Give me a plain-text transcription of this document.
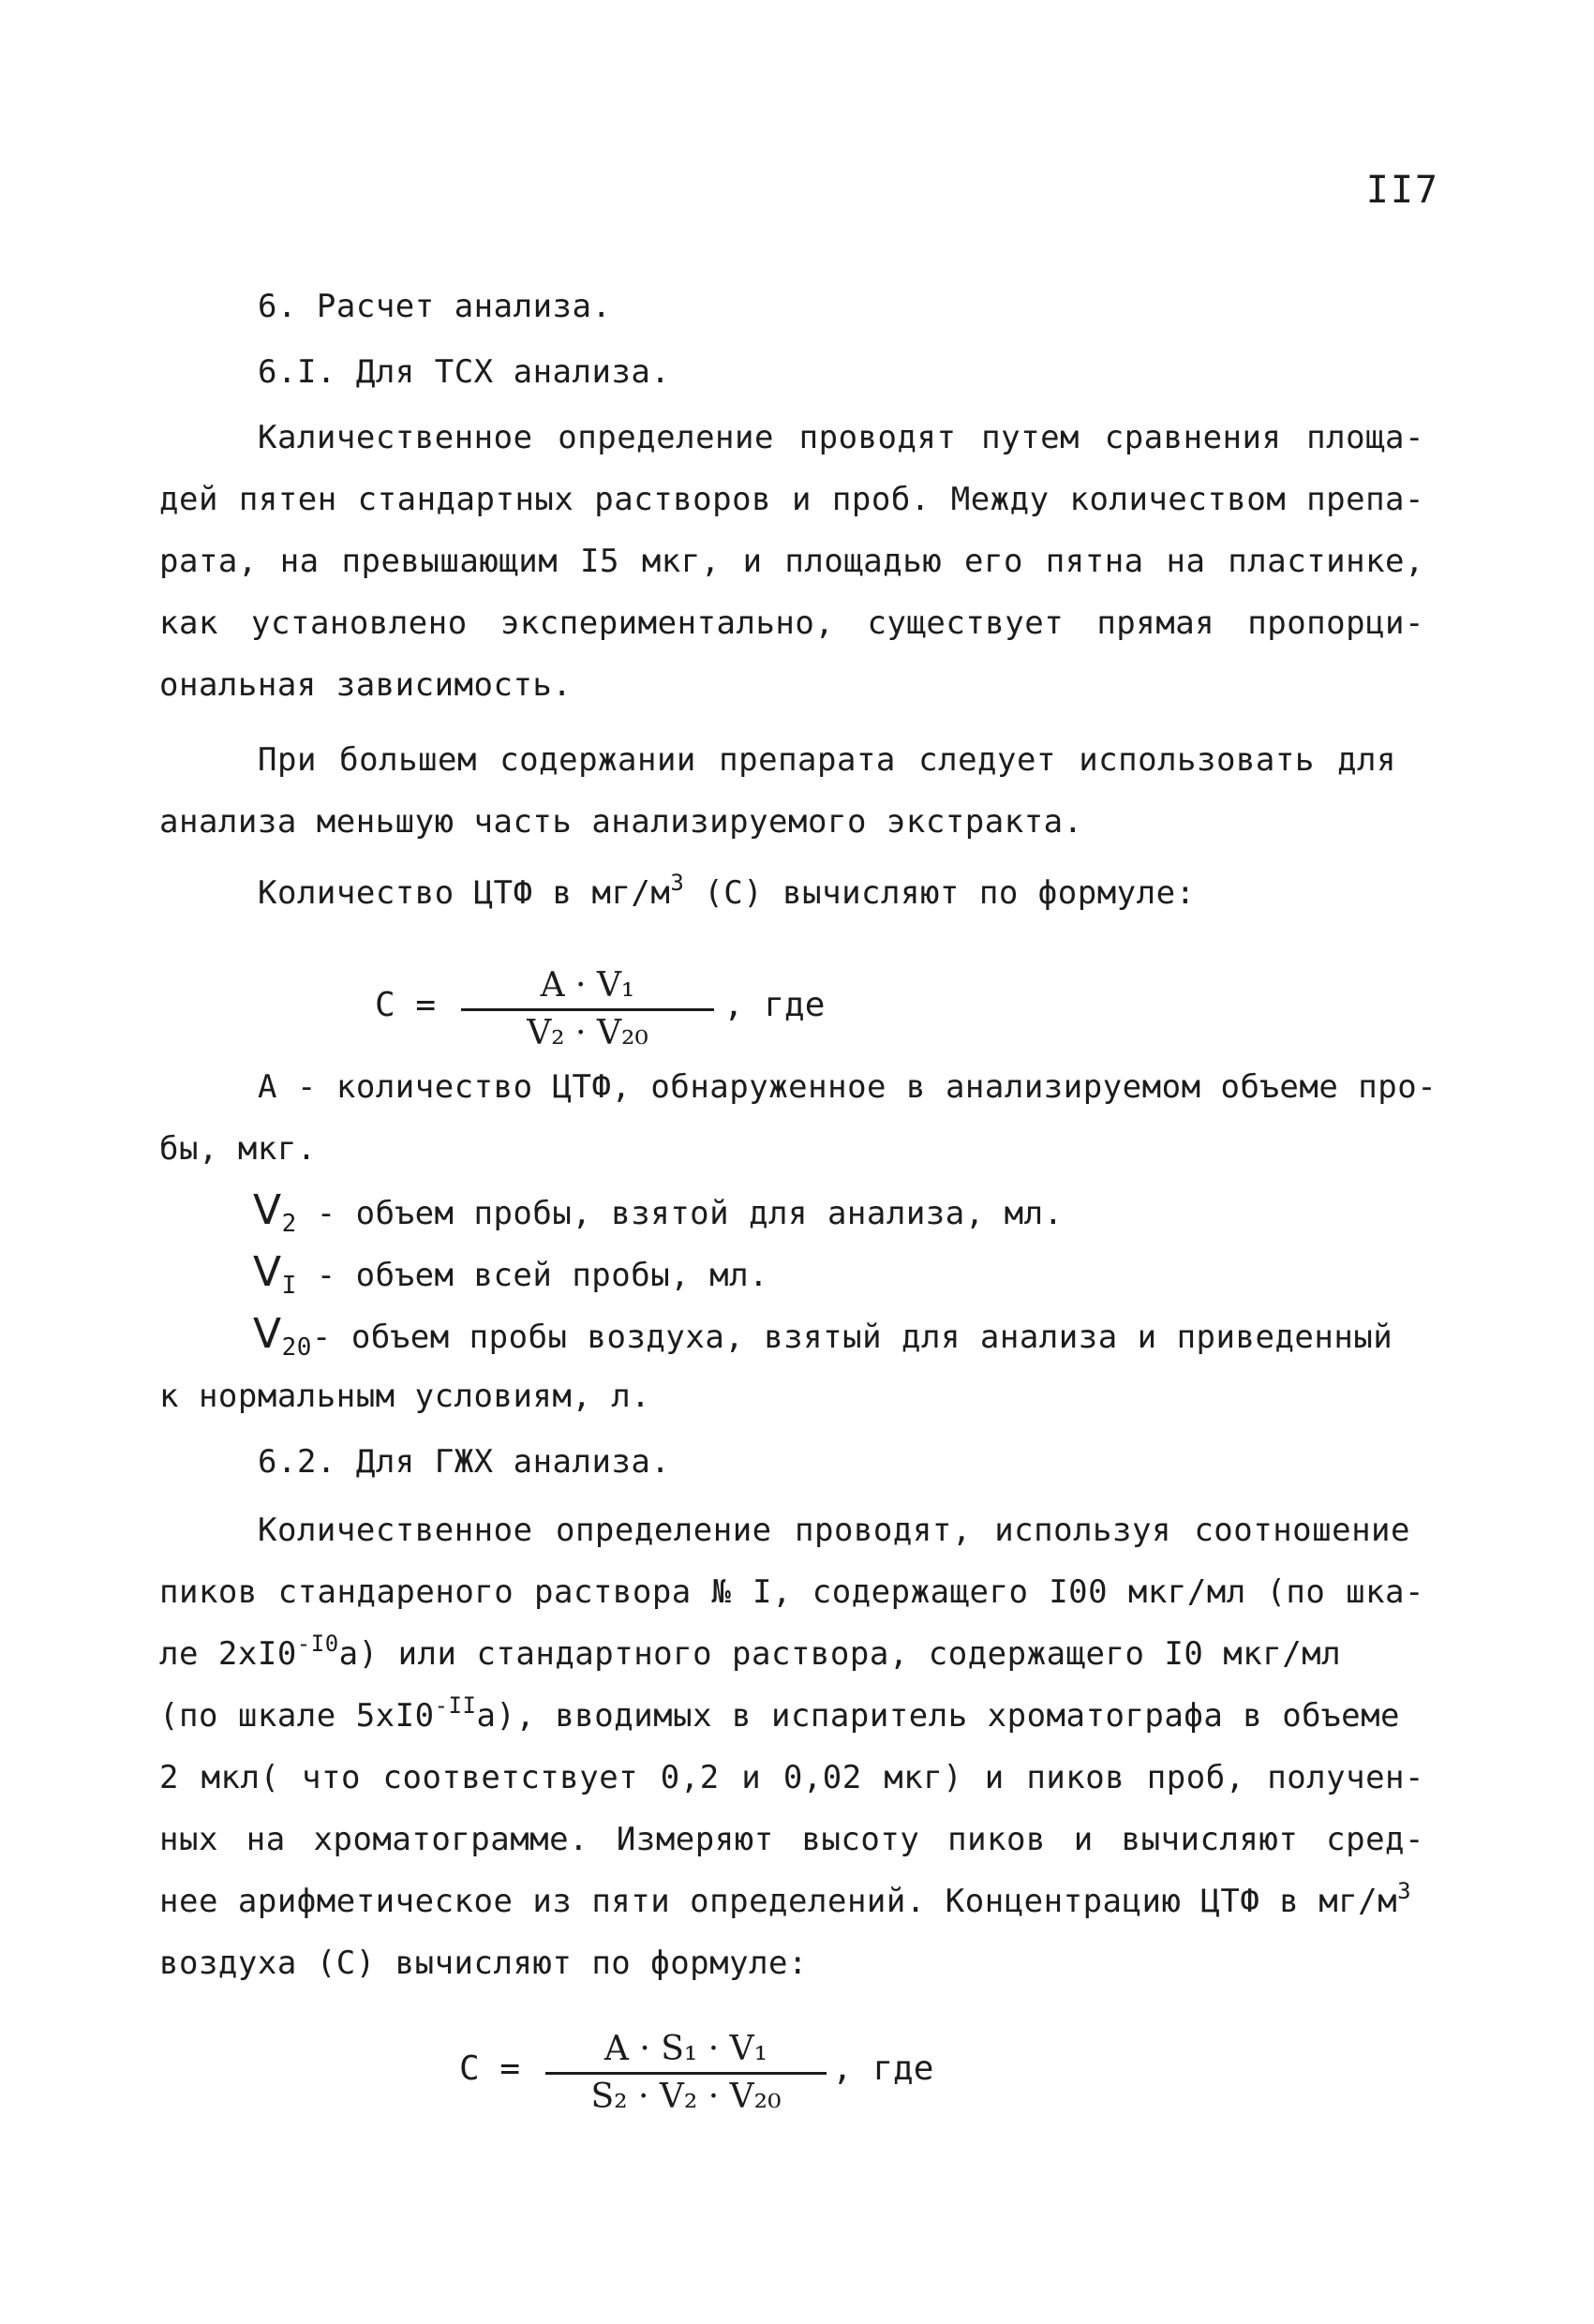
II7
6. Расчет анализа.
6.I. Для ТСХ анализа.
Каличественное определение проводят путем сравнения площа-
дей пятен стандартных растворов и проб. Между количеством препа-
рата, на превышающим I5 мкг, и площадью его пятна на пластинке,
как установлено экспериментально, существует прямая пропорци-
ональная зависимость.
При большем содержании препарата следует использовать для
анализа меньшую часть анализируемого экстракта.
Количество ЦТФ в $мг/м^3$ (С) вычисляют по формуле:
С =
A · V₁
V₂ · V₂₀
, где
А - количество ЦТФ, обнаруженное в анализируемом объеме про-
бы, мкг.
$V_2$ - объем пробы, взятой для анализа, мл.
$V_I$ - объем всей пробы, мл.
$V_{20}-$ объем пробы воздуха, взятый для анализа и приведенный
к нормальным условиям, л.
6.2. Для ГЖХ анализа.
Количественное определение проводят, используя соотношение
пиков стандареного раствора № I, содержащего I00 мкг/мл (по шка-
ле $2xI0^{-I0}а$) или стандартного раствора, содержащего I0 мкг/мл
(по шкале $5xI0^{-II}а$), вводимых в испаритель хроматографа в объеме
2 мкл( что соответствует 0,2 и 0,02 мкг) и пиков проб, получен-
ных на хроматограмме. Измеряют высоту пиков и вычисляют сред-
нее арифметическое из пяти определений. Концентрацию ЦТФ в $мг/м^3$
воздуха (С) вычисляют по формуле:
С =
A · S₁ · V₁
S₂ · V₂ · V₂₀
, где
